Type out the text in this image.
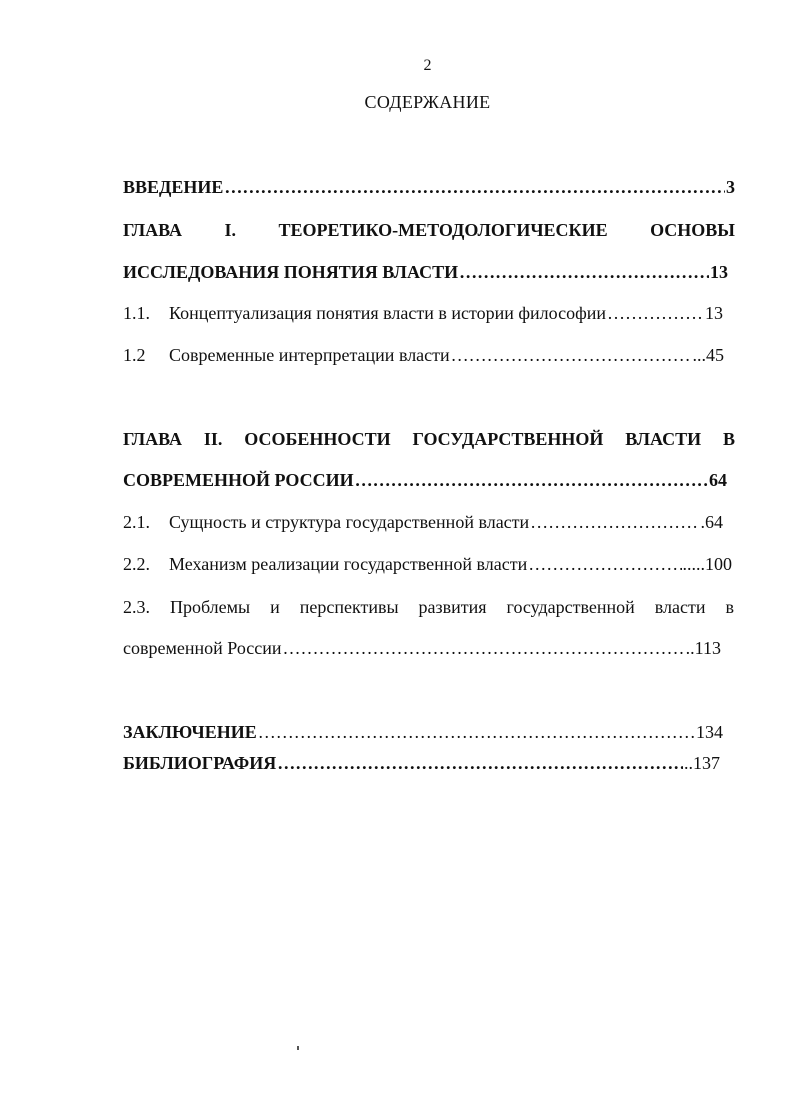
2
СОДЕРЖАНИЕ
ВВЕДЕНИЕ …………………………………………………………………………………………………………………………………………………………………………………………………	3
ГЛАВА I. ТЕОРЕТИКО-МЕТОДОЛОГИЧЕСКИЕ ОСНОВЫ
ИССЛЕДОВАНИЯ ПОНЯТИЯ ВЛАСТИ …………………………………………………………………………………………………………………………………………………………………………………………………	13
1.1. Концептуализация понятия власти в истории философии …………………………………………………………………………………………………………………………………………………………………………………………………	13
1.2 Современные интерпретации власти …………………………………………………………………………………………………………………………………………………………………………………………………	...45
ГЛАВА II. ОСОБЕННОСТИ ГОСУДАРСТВЕННОЙ ВЛАСТИ В
СОВРЕМЕННОЙ РОССИИ …………………………………………………………………………………………………………………………………………………………………………………………………	64
2.1. Сущность и структура государственной власти …………………………………………………………………………………………………………………………………………………………………………………………………	.64
2.2. Механизм реализации государственной власти …………………………………………………………………………………………………………………………………………………………………………………………………	.....100
2.3. Проблемы и перспективы развития государственной власти в
современной России …………………………………………………………………………………………………………………………………………………………………………………………………	..113
ЗАКЛЮЧЕНИЕ …………………………………………………………………………………………………………………………………………………………………………………………………	134
БИБЛИОГРАФИЯ …………………………………………………………………………………………………………………………………………………………………………………………………	..137
